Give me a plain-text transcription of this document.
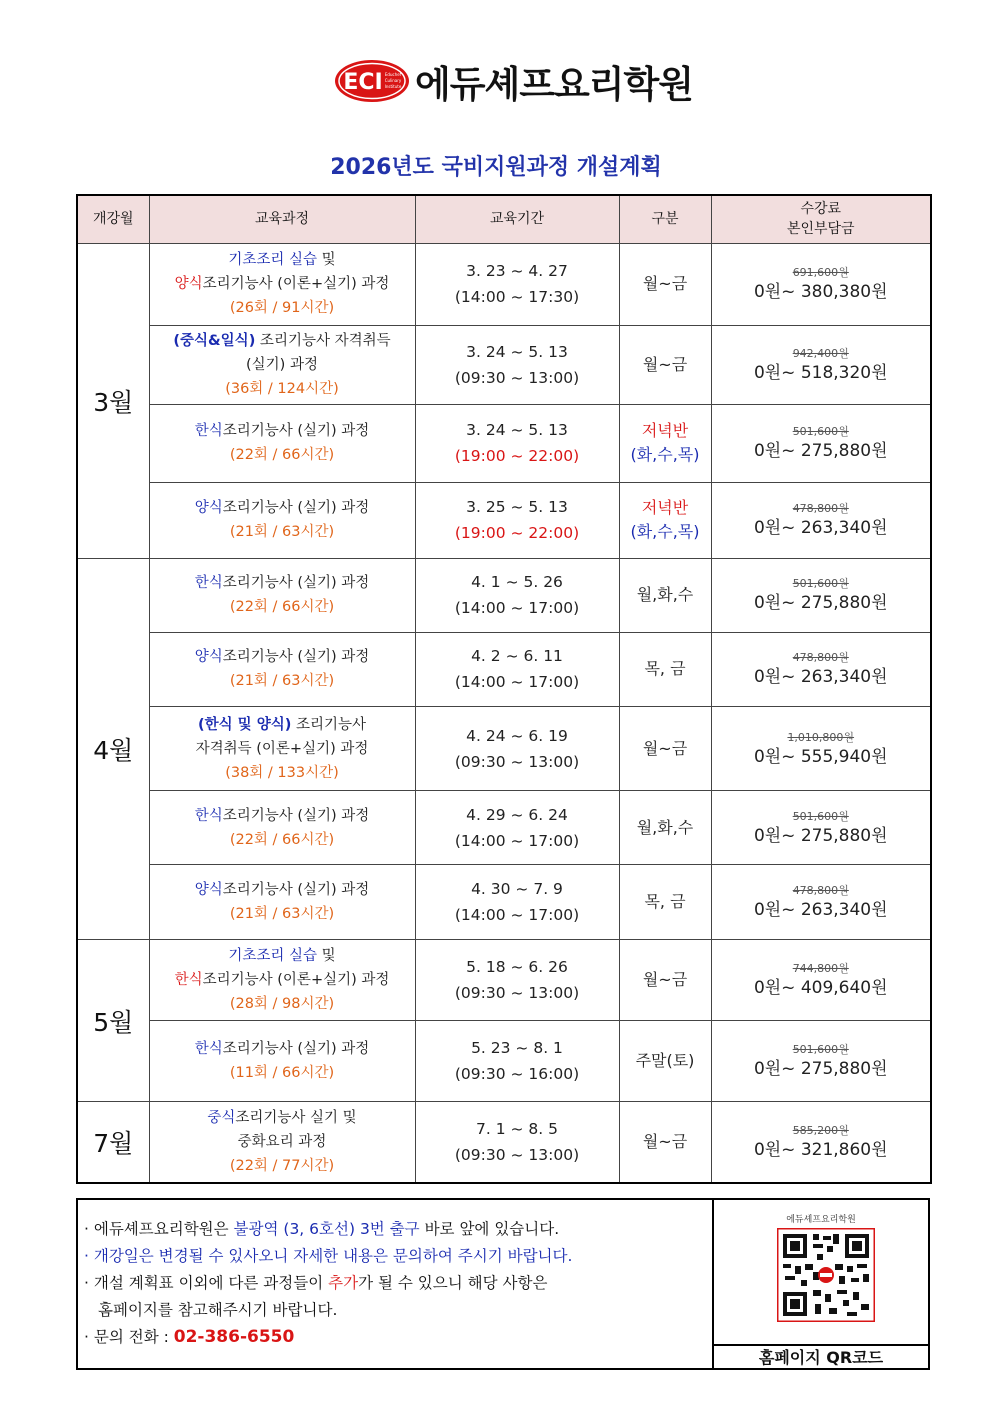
ECI Educhef
Culinary
Institute 에듀셰프요리학원
2026년도 국비지원과정 개설계획
개강월	교육과정	교육기간	구분	수강료
본인부담금
3월	기초조리 실습 및
양식조리기능사 (이론+실기) 과정
(26회 / 91시간)	3. 23 ~ 4. 27
(14:00 ~ 17:30)	월~금	691,600원
0원~ 380,380원

	(중식&일식) 조리기능사 자격취득
(실기) 과정
(36회 / 124시간)	3. 24 ~ 5. 13
(09:30 ~ 13:00)	월~금	942,400원
0원~ 518,320원

	한식조리기능사 (실기) 과정
(22회 / 66시간)	3. 24 ~ 5. 13
(19:00 ~ 22:00)	저녁반
(화,수,목)	501,600원
0원~ 275,880원

	양식조리기능사 (실기) 과정
(21회 / 63시간)	3. 25 ~ 5. 13
(19:00 ~ 22:00)	저녁반
(화,수,목)	478,800원
0원~ 263,340원

4월	한식조리기능사 (실기) 과정
(22회 / 66시간)	4. 1 ~ 5. 26
(14:00 ~ 17:00)	월,화,수	501,600원
0원~ 275,880원

	양식조리기능사 (실기) 과정
(21회 / 63시간)	4. 2 ~ 6. 11
(14:00 ~ 17:00)	목, 금	478,800원
0원~ 263,340원

	(한식 및 양식) 조리기능사
자격취득 (이론+실기) 과정
(38회 / 133시간)	4. 24 ~ 6. 19
(09:30 ~ 13:00)	월~금	1,010,800원
0원~ 555,940원

	한식조리기능사 (실기) 과정
(22회 / 66시간)	4. 29 ~ 6. 24
(14:00 ~ 17:00)	월,화,수	501,600원
0원~ 275,880원

	양식조리기능사 (실기) 과정
(21회 / 63시간)	4. 30 ~ 7. 9
(14:00 ~ 17:00)	목, 금	478,800원
0원~ 263,340원

5월	기초조리 실습 및
한식조리기능사 (이론+실기) 과정
(28회 / 98시간)	5. 18 ~ 6. 26
(09:30 ~ 13:00)	월~금	744,800원
0원~ 409,640원

	한식조리기능사 (실기) 과정
(11회 / 66시간)	5. 23 ~ 8. 1
(09:30 ~ 16:00)	주말(토)	501,600원
0원~ 275,880원

7월	중식조리기능사 실기 및
중화요리 과정
(22회 / 77시간)	7. 1 ~ 8. 5
(09:30 ~ 13:00)	월~금	585,200원
0원~ 321,860원

· 에듀셰프요리학원은 불광역 (3, 6호선) 3번 출구 바로 앞에 있습니다.

· 개강일은 변경될 수 있사오니 자세한 내용은 문의하여 주시기 바랍니다.

· 개설 계획표 이외에 다른 과정들이 추가가 될 수 있으니 해당 사항은

홈페이지를 참고해주시기 바랍니다.

· 문의 전화 : 02-386-6550

에듀셰프요리학원
홈페이지 QR코드
